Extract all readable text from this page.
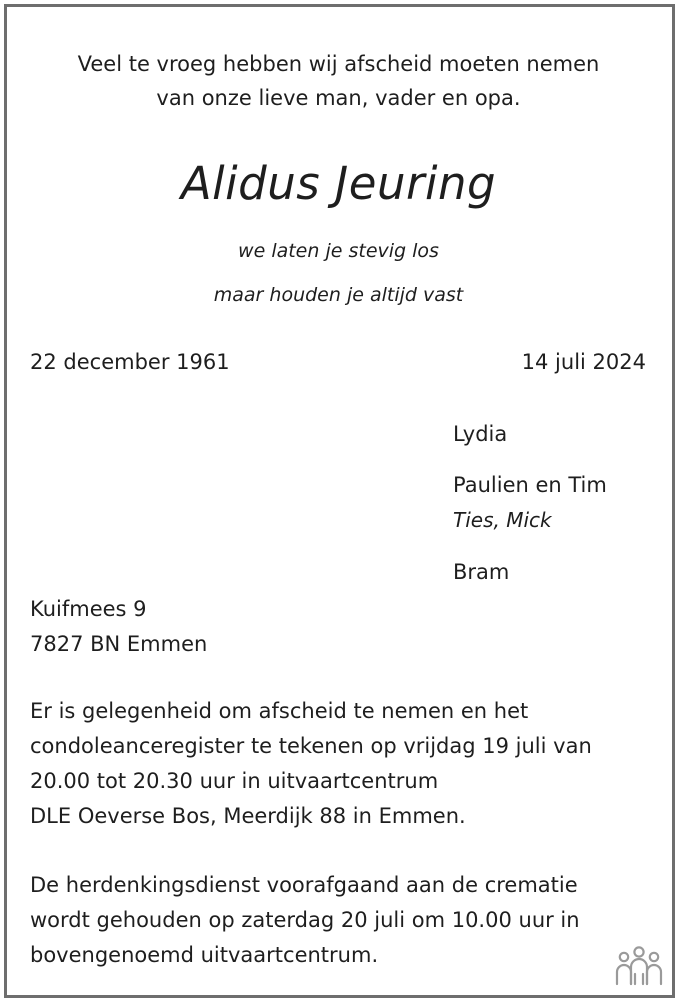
Veel te vroeg hebben wij afscheid moeten nemen
van onze lieve man, vader en opa.
Alidus Jeuring
we laten je stevig los
maar houden je altijd vast
22 december 1961	14 juli 2024
Lydia
Paulien en Tim
Ties, Mick
Bram
Kuifmees 9
7827 BN Emmen
Er is gelegenheid om afscheid te nemen en het
condoleanceregister te tekenen op vrijdag 19 juli van
20.00 tot 20.30 uur in uitvaartcentrum
DLE Oeverse Bos, Meerdijk 88 in Emmen.
De herdenkingsdienst voorafgaand aan de crematie
wordt gehouden op zaterdag 20 juli om 10.00 uur in
bovengenoemd uitvaartcentrum.
